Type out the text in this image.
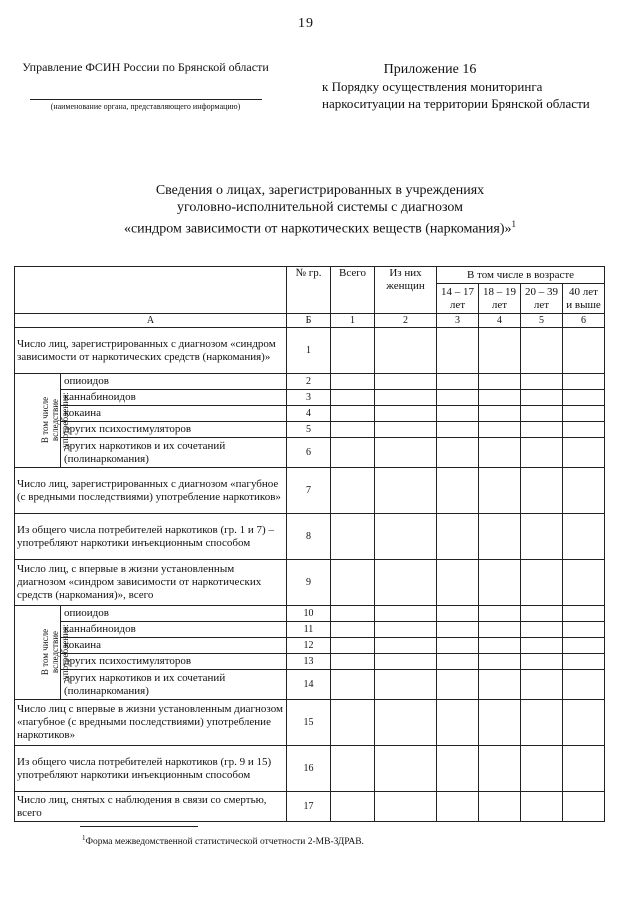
19
Управление ФСИН России по Брянской области
(наименование органа, представляющего информацию)
Приложение 16
к Порядку осуществления мониторинга наркоситуации на территории Брянской области
Сведения о лицах, зарегистрированных в учреждениях
уголовно-исполнительной системы с диагнозом
«синдром зависимости от наркотических веществ (наркомания)»$^1$
		№ гр.	Всего	Из них женщин	В том числе в возрасте			
					14 – 17 лет	18 – 19 лет	20 – 39 лет	40 лет и выше
А		Б	1	2	3	4	5	6
Число лиц, зарегистрированных с диагнозом «синдром зависимости от наркотических средств (наркомания)»		1						
В том числе вследствие употребления:	опиоидов	2						
	каннабиноидов	3						
	кокаина	4						
	других психостимуляторов	5						
	других наркотиков и их сочетаний (полинаркомания)	6						
Число лиц, зарегистрированных с диагнозом «пагубное (с вредными последствиями) употребление наркотиков»		7						
Из общего числа потребителей наркотиков (гр. 1 и 7) – употребляют наркотики инъекционным способом		8						
Число лиц, с впервые в жизни установленным диагнозом «синдром зависимости от наркотических средств (наркомания)», всего		9						
В том числе вследствие употребления:	опиоидов	10						
	каннабиноидов	11						
	кокаина	12						
	других психостимуляторов	13						
	других наркотиков и их сочетаний (полинаркомания)	14						
Число лиц с впервые в жизни установленным диагнозом «пагубное (с вредными последствиями) употребление наркотиков»		15						
Из общего числа потребителей наркотиков (гр. 9 и 15) употребляют наркотики инъекционным способом		16						
Число лиц, снятых с наблюдения в связи со смертью, всего		17						
$^1$Форма межведомственной статистической отчетности 2-МВ-ЗДРАВ.
